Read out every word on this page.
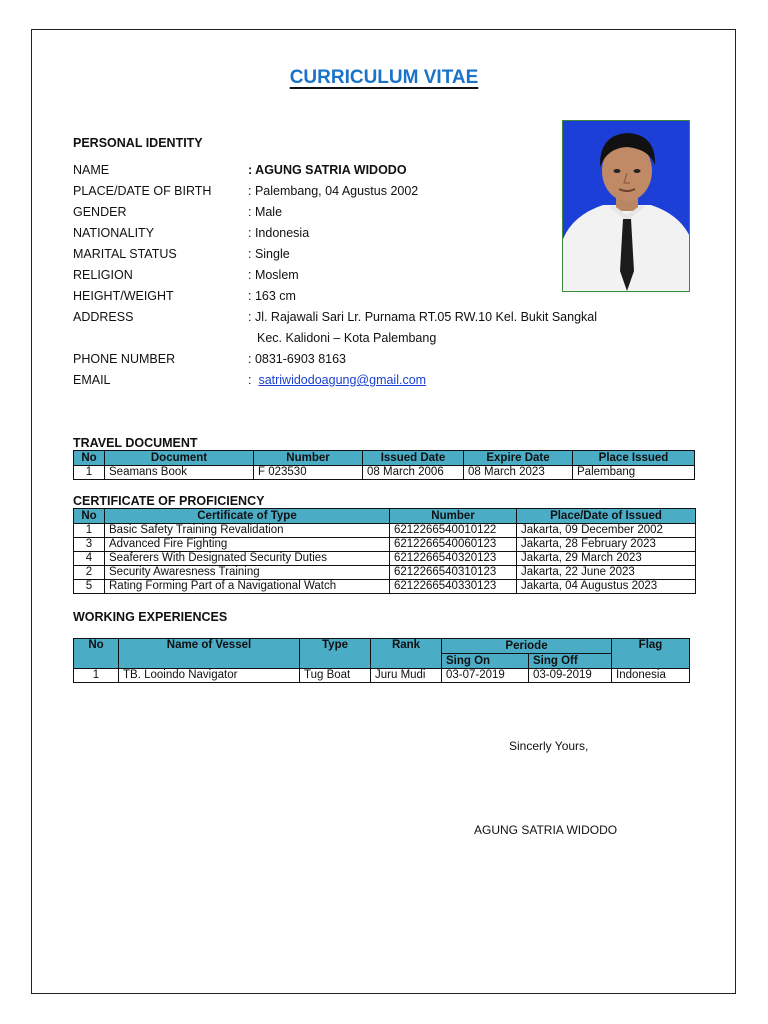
CURRICULUM VITAE
PERSONAL IDENTITY
NAME	: AGUNG SATRIA WIDODO
PLACE/DATE OF BIRTH	: Palembang, 04 Agustus 2002
GENDER	: Male
NATIONALITY	: Indonesia
MARITAL STATUS	: Single
RELIGION	: Moslem
HEIGHT/WEIGHT	: 163 cm
ADDRESS	: Jl. Rajawali Sari Lr. Purnama RT.05 RW.10 Kel. Bukit Sangkal
Kec. Kalidoni – Kota Palembang
PHONE NUMBER	: 0831-6903 8163
EMAIL	: satriwidodoagung@gmail.com
TRAVEL DOCUMENT
No	Document	Number	Issued Date	Expire Date	Place Issued
1	Seamans Book	F 023530	08 March 2006	08 March 2023	Palembang
CERTIFICATE OF PROFICIENCY
No	Certificate of Type	Number	Place/Date of Issued
1	Basic Safety Training Revalidation	6212266540010122	Jakarta, 09 December 2002
3	Advanced Fire Fighting	6212266540060123	Jakarta, 28 February 2023
4	Seaferers With Designated Security Duties	6212266540320123	Jakarta, 29 March 2023
2	Security Awaresness Training	6212266540310123	Jakarta, 22 June 2023
5	Rating Forming Part of a Navigational Watch	6212266540330123	Jakarta, 04 Augustus 2023
WORKING EXPERIENCES
No	Name of Vessel	Type	Rank	Periode		Flag
				Sing On	Sing Off	
1	TB. Looindo Navigator	Tug Boat	Juru Mudi	03-07-2019	03-09-2019	Indonesia
Sincerly Yours,
AGUNG SATRIA WIDODO
